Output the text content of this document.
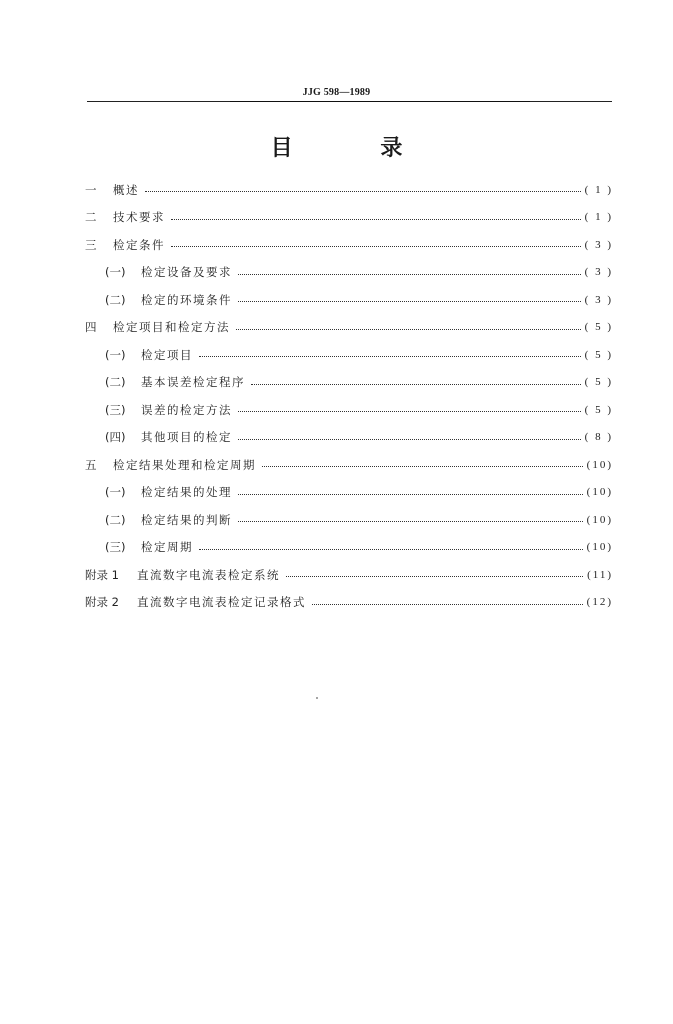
JJG 598—1989
目 录
一	概述	( 1 )
二	技术要求	( 1 )
三	检定条件	( 3 )
(一)	检定设备及要求	( 3 )
(二)	检定的环境条件	( 3 )
四	检定项目和检定方法	( 5 )
(一)	检定项目	( 5 )
(二)	基本误差检定程序	( 5 )
(三)	误差的检定方法	( 5 )
(四)	其他项目的检定	( 8 )
五	检定结果处理和检定周期	(10)
(一)	检定结果的处理	(10)
(二)	检定结果的判断	(10)
(三)	检定周期	(10)
附录 1	直流数字电流表检定系统	(11)
附录 2	直流数字电流表检定记录格式	(12)
